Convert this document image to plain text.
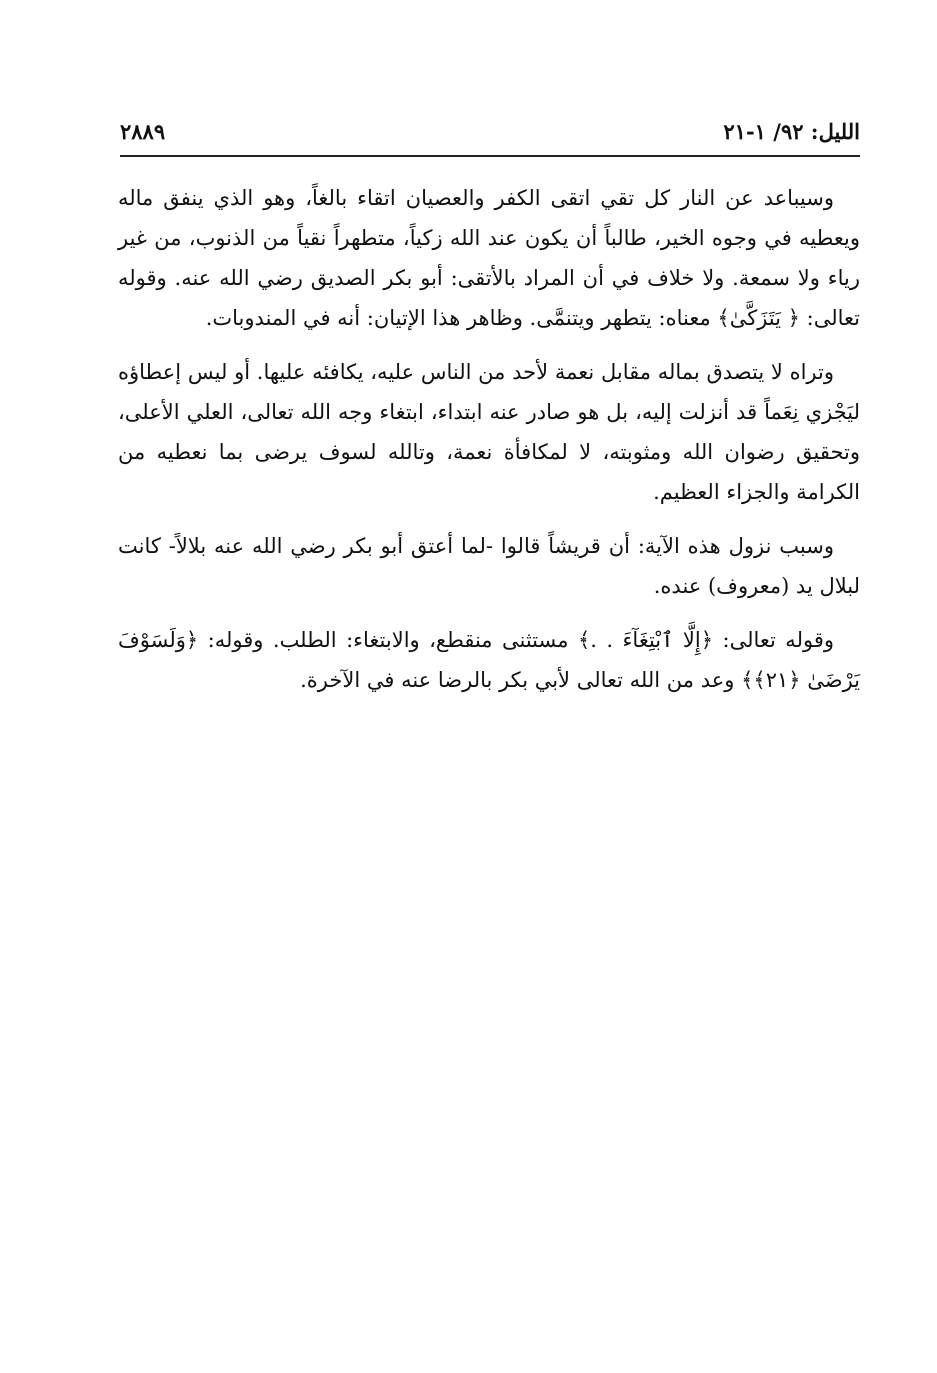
الليل: ٩٢/ ١-٢١
٢٨٨٩

وسيباعد عن النار كل تقي اتقى الكفر والعصيان اتقاء بالغاً، وهو الذي ينفق ماله ويعطيه في وجوه الخير، طالباً أن يكون عند الله زكياً، متطهراً نقياً من الذنوب، من غير رياء ولا سمعة. ولا خلاف في أن المراد بالأتقى: أبو بكر الصديق رضي الله عنه. وقوله تعالى: ﴿ يَتَزَكَّىٰ﴾ معناه: يتطهر ويتنمَّى. وظاهر هذا الإتيان: أنه في المندوبات.

وتراه لا يتصدق بماله مقابل نعمة لأحد من الناس عليه، يكافئه عليها. أو ليس إعطاؤه ليَجْزي نِعَماً قد أنزلت إليه، بل هو صادر عنه ابتداء، ابتغاء وجه الله تعالى، العلي الأعلى، وتحقيق رضوان الله ومثوبته، لا لمكافأة نعمة، وتالله لسوف يرضى بما نعطيه من الكرامة والجزاء العظيم.

وسبب نزول هذه الآية: أن قريشاً قالوا -لما أعتق أبو بكر رضي الله عنه بلالاً- كانت لبلال يد (معروف) عنده.

وقوله تعالى: ﴿إِلَّا ٱبْتِغَآءَ . .﴾ مستثنى منقطع، والابتغاء: الطلب. وقوله: ﴿وَلَسَوْفَ يَرْضَىٰ ﴿٢١﴾﴾ وعد من الله تعالى لأبي بكر بالرضا عنه في الآخرة.
